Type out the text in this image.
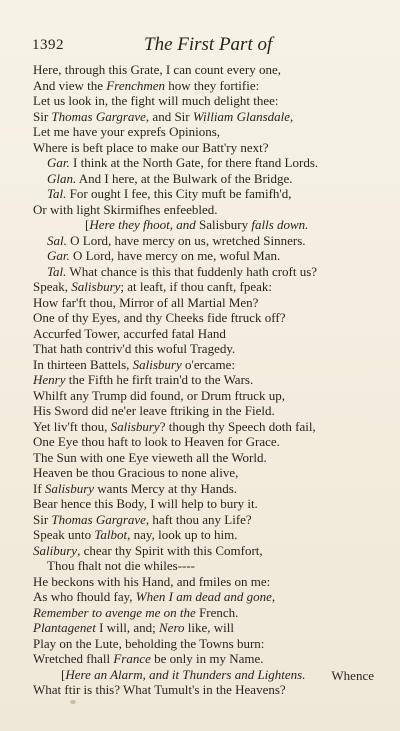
1392	The First Part of
Here, through this Grate, I can count every one,
And view the Frenchmen how they fortifie:
Let us look in, the fight will much delight thee:
Sir Thomas Gargrave, and Sir William Glansdale,
Let me have your exprefs Opinions,
Where is beft place to make our Batt'ry next?
Gar. I think at the North Gate, for there ftand Lords.
Glan. And I here, at the Bulwark of the Bridge.
Tal. For ought I fee, this City muft be famifh'd,
Or with light Skirmifhes enfeebled.
[Here they fhoot, and Salisbury falls down.
Sal. O Lord, have mercy on us, wretched Sinners.
Gar. O Lord, have mercy on me, woful Man.
Tal. What chance is this that fuddenly hath croft us?
Speak, Salisbury; at leaft, if thou canft, fpeak:
How far'ft thou, Mirror of all Martial Men?
One of thy Eyes, and thy Cheeks fide ftruck off?
Accurfed Tower, accurfed fatal Hand
That hath contriv'd this woful Tragedy.
In thirteen Battels, Salisbury o'ercame:
Henry the Fifth he firft train'd to the Wars.
Whilft any Trump did found, or Drum ftruck up,
His Sword did ne'er leave ftriking in the Field.
Yet liv'ft thou, Salisbury? though thy Speech doth fail,
One Eye thou haft to look to Heaven for Grace.
The Sun with one Eye vieweth all the World.
Heaven be thou Gracious to none alive,
If Salisbury wants Mercy at thy Hands.
Bear hence this Body, I will help to bury it.
Sir Thomas Gargrave, haft thou any Life?
Speak unto Talbot, nay, look up to him.
Salibury, chear thy Spirit with this Comfort,
Thou fhalt not die whiles----
He beckons with his Hand, and fmiles on me:
As who fhould fay, When I am dead and gone,
Remember to avenge me on the French.
Plantagenet I will, and; Nero like, will
Play on the Lute, beholding the Towns burn:
Wretched fhall France be only in my Name.
[Here an Alarm, and it Thunders and Lightens.
What ftir is this? What Tumult's in the Heavens?
Whence
